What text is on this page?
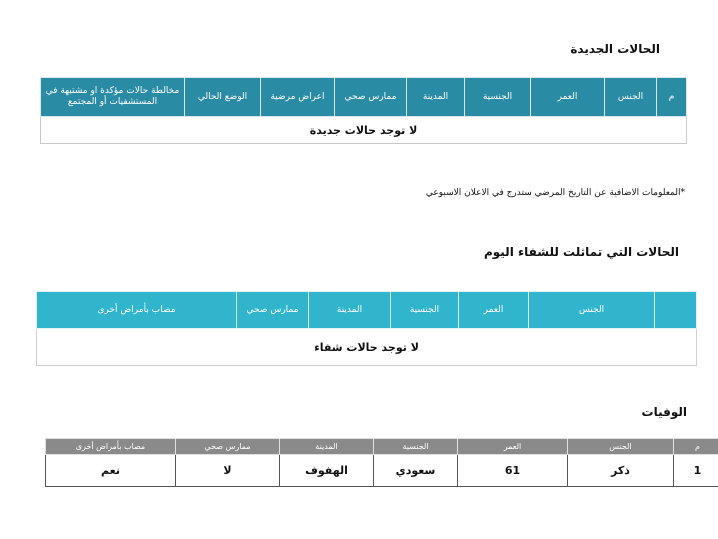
الحالات الجديدة
م	الجنس	العمر	الجنسية	المدينة	ممارس صحي	اعراض مرضية	الوضع الحالي	مخالطة حالات مؤكدة او مشتبهة في المستشفيات أو المجتمع
لا توجد حالات جديدة
*المعلومات الاضافية عن التاريخ المرضي ستدرج في الاعلان الاسبوعي
الحالات التي تماثلت للشفاء اليوم
	الجنس	العمر	الجنسية	المدينة	ممارس صحي	مصاب بأمراض أخرى
لا توجد حالات شفاء
الوفيات
م	الجنس	العمر	الجنسية	المدينة	ممارس صحي	مصاب بأمراض أخرى
1	ذكر	61	سعودي	الهفوف	لا	نعم
